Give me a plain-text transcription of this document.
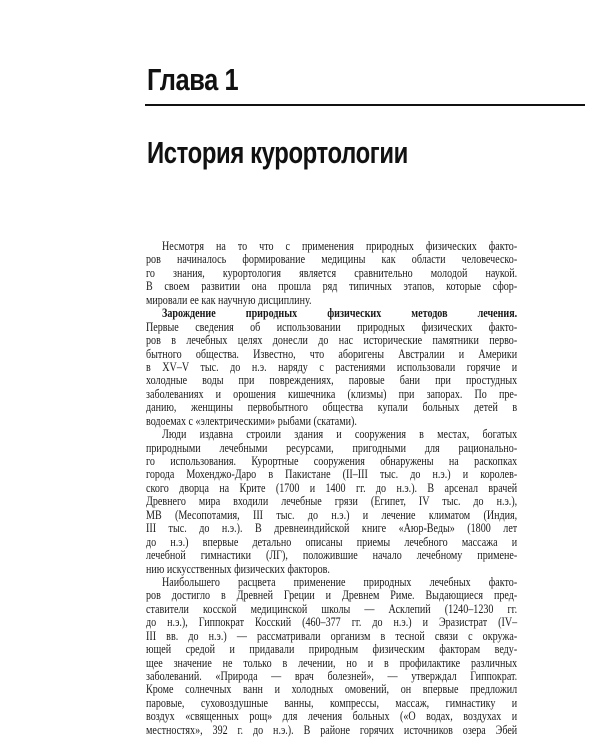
Глава 1
История курортологии
Несмотря на то что с применения природных физических факто-
ров начиналось формирование медицины как области человеческо-
го знания, курортология является сравнительно молодой наукой.
В своем развитии она прошла ряд типичных этапов, которые сфор-
мировали ее как научную дисциплину.
Зарождение природных физических методов лечения.
Первые сведения об использовании природных физических факто-
ров в лечебных целях донесли до нас исторические памятники перво-
бытного общества. Известно, что аборигены Австралии и Америки
в XV–V тыс. до н.э. наряду с растениями использовали горячие и
холодные воды при повреждениях, паровые бани при простудных
заболеваниях и орошения кишечника (клизмы) при запорах. По пре-
данию, женщины первобытного общества купали больных детей в
водоемах с «электрическими» рыбами (скатами).
Люди издавна строили здания и сооружения в местах, богатых
природными лечебными ресурсами, пригодными для рационально-
го использования. Курортные сооружения обнаружены на раскопках
города Мохенджо-Даро в Пакистане (II–III тыс. до н.э.) и королев-
ского дворца на Крите (1700 и 1400 гг. до н.э.). В арсенал врачей
Древнего мира входили лечебные грязи (Египет, IV тыс. до н.э.),
МВ (Месопотамия, III тыс. до н.э.) и лечение климатом (Индия,
III тыс. до н.э.). В древнеиндийской книге «Аюр-Веды» (1800 лет
до н.э.) впервые детально описаны приемы лечебного массажа и
лечебной гимнастики (ЛГ), положившие начало лечебному примене-
нию искусственных физических факторов.
Наибольшего расцвета применение природных лечебных факто-
ров достигло в Древней Греции и Древнем Риме. Выдающиеся пред-
ставители косской медицинской школы — Асклепий (1240–1230 гг.
до н.э.), Гиппократ Косский (460–377 гг. до н.э.) и Эразистрат (IV–
III вв. до н.э.) — рассматривали организм в тесной связи с окружа-
ющей средой и придавали природным физическим факторам веду-
щее значение не только в лечении, но и в профилактике различных
заболеваний. «Природа — врач болезней», — утверждал Гиппократ.
Кроме солнечных ванн и холодных омовений, он впервые предложил
паровые, суховоздушные ванны, компрессы, массаж, гимнастику и
воздух «священных рощ» для лечения больных («О водах, воздухах и
местностях», 392 г. до н.э.). В районе горячих источников озера Эбей
